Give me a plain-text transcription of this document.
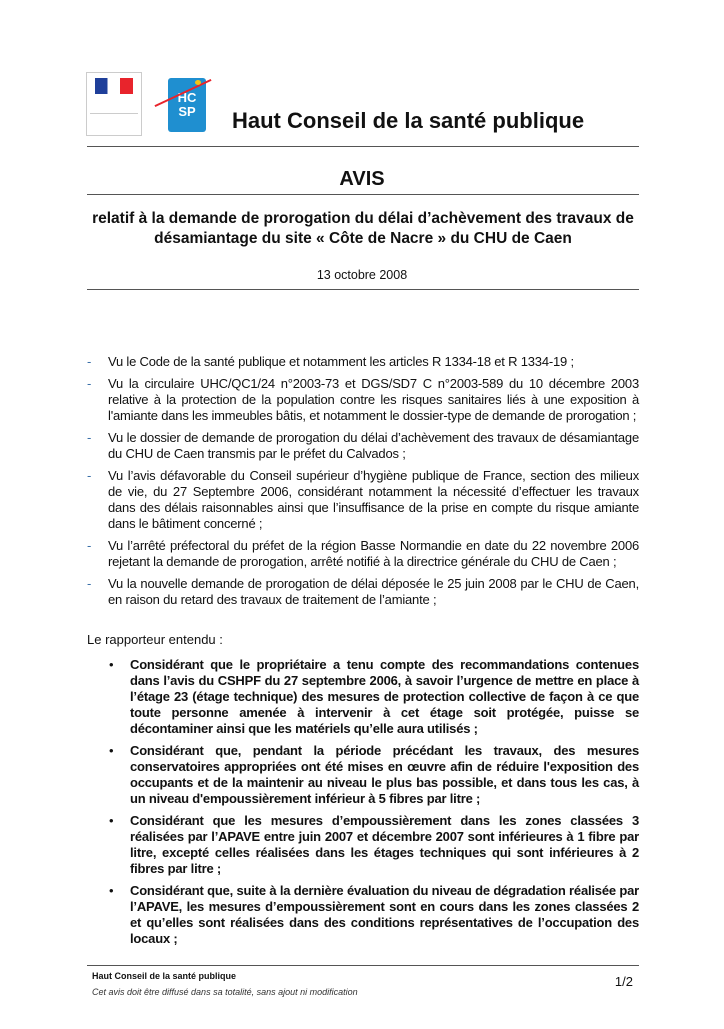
HC
SP	Haut Conseil de la santé publique
AVIS
relatif à la demande de prorogation du délai d’achèvement des travaux de désamiantage du site « Côte de Nacre » du CHU de Caen
13 octobre 2008
- Vu le Code de la santé publique et notamment les articles R 1334-18 et R 1334-19 ;
- Vu la circulaire UHC/QC1/24 n°2003-73 et DGS/SD7 C n°2003-589 du 10 décembre 2003 relative à la protection de la population contre les risques sanitaires liés à une exposition à l'amiante dans les immeubles bâtis, et notamment le dossier-type de demande de prorogation ;
- Vu le dossier de demande de prorogation du délai d’achèvement des travaux de désamiantage du CHU de Caen transmis par le préfet du Calvados ;
- Vu l’avis défavorable du Conseil supérieur d’hygiène publique de France, section des milieux de vie, du 27 Septembre 2006, considérant notamment la nécessité d’effectuer les travaux dans des délais raisonnables ainsi que l’insuffisance de la prise en compte du risque amiante dans le bâtiment concerné ;
- Vu l’arrêté préfectoral du préfet de la région Basse Normandie en date du 22 novembre 2006 rejetant la demande de prorogation, arrêté notifié à la directrice générale du CHU de Caen ;
- Vu la nouvelle demande de prorogation de délai déposée le 25 juin 2008 par le CHU de Caen, en raison du retard des travaux de traitement de l’amiante ;
Le rapporteur entendu :
• Considérant que le propriétaire a tenu compte des recommandations contenues dans l’avis du CSHPF du 27 septembre 2006, à savoir l’urgence de mettre en place à l’étage 23 (étage technique) des mesures de protection collective de façon à ce que toute personne amenée à intervenir à cet étage soit protégée, puisse se décontaminer ainsi que les matériels qu’elle aura utilisés ;
• Considérant que, pendant la période précédant les travaux, des mesures conservatoires appropriées ont été mises en œuvre afin de réduire l'exposition des occupants et de la maintenir au niveau le plus bas possible, et dans tous les cas, à un niveau d'empoussièrement inférieur à 5 fibres par litre ;
• Considérant que les mesures d’empoussièrement dans les zones classées 3 réalisées par l’APAVE entre juin 2007 et décembre 2007 sont inférieures à 1 fibre par litre, excepté celles réalisées dans les étages techniques qui sont inférieures à 2 fibres par litre ;
• Considérant que, suite à la dernière évaluation du niveau de dégradation réalisée par l’APAVE, les mesures d’empoussièrement sont en cours dans les zones classées 2 et qu’elles sont réalisées dans des conditions représentatives de l’occupation des locaux ;
Haut Conseil de la santé publique
Cet avis doit être diffusé dans sa totalité, sans ajout ni modification
1/2
